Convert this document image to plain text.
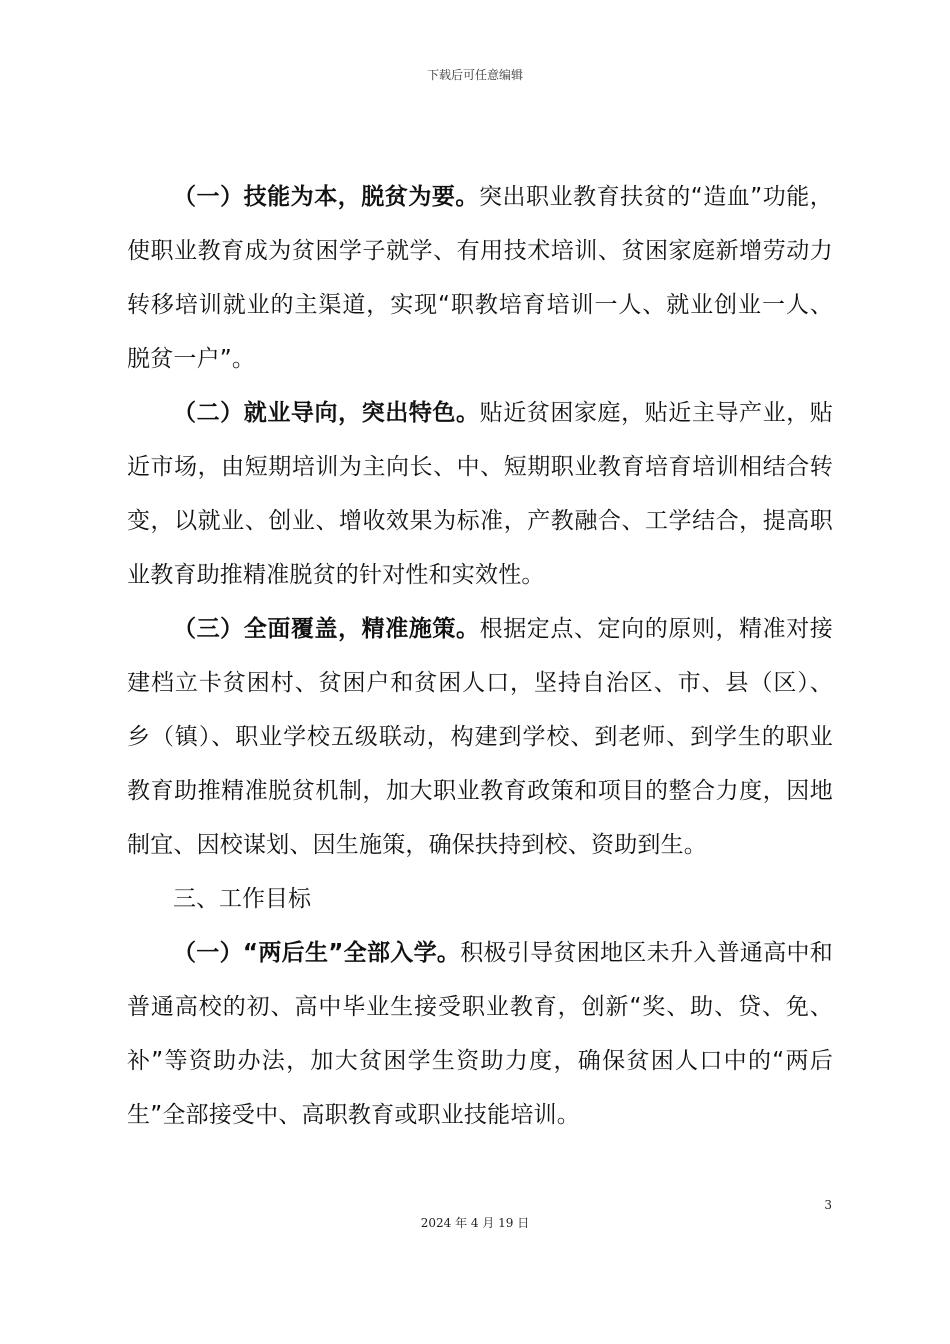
下载后可任意编辑

（一）技能为本，脱贫为要。突出职业教育扶贫的“造血”功能，使职业教育成为贫困学子就学、有用技术培训、贫困家庭新增劳动力转移培训就业的主渠道，实现“职教培育培训一人、就业创业一人、脱贫一户”。

（二）就业导向，突出特色。贴近贫困家庭，贴近主导产业，贴近市场，由短期培训为主向长、中、短期职业教育培育培训相结合转变，以就业、创业、增收效果为标准，产教融合、工学结合，提高职业教育助推精准脱贫的针对性和实效性。

（三）全面覆盖，精准施策。根据定点、定向的原则，精准对接建档立卡贫困村、贫困户和贫困人口，坚持自治区、市、县（区）、乡（镇）、职业学校五级联动，构建到学校、到老师、到学生的职业教育助推精准脱贫机制，加大职业教育政策和项目的整合力度，因地制宜、因校谋划、因生施策，确保扶持到校、资助到生。

三、工作目标

（一）“两后生”全部入学。积极引导贫困地区未升入普通高中和普通高校的初、高中毕业生接受职业教育，创新“奖、助、贷、免、补”等资助办法，加大贫困学生资助力度，确保贫困人口中的“两后生”全部接受中、高职教育或职业技能培训。

3
2024 年 4 月 19 日
